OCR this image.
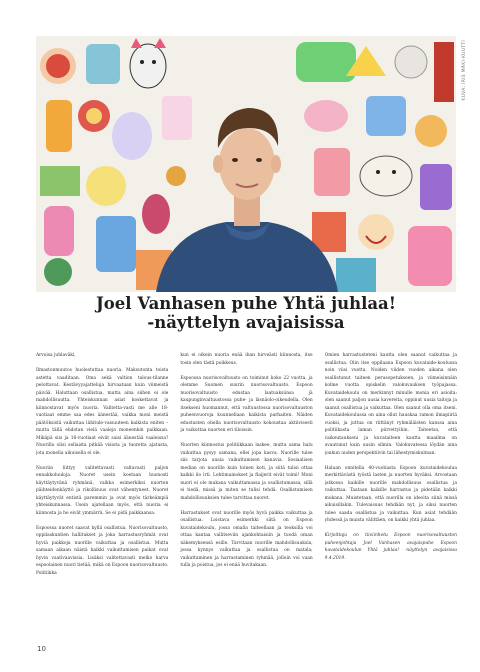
KUVA: IRIS MÄKI-KUUTTI
Joel Vanhasen puhe Yhtä juhlaa!
-näyttelyn avajaisissa

Arvoisa juhlaväki,

Ilmastonmuutos huolestuttaa nuoria. Maksutonta toista astetta vaaditaan. Oma sekä valtion talous-tilanne pelottavat. Kestävyyajatteluja hirvaatuan kuin viimeistä päivää. Haluttaan osallistua, mutta aina siihen ei ole mahdollisuutta. Yhteiskunnan asiat koskettavat ja kiinnostavat myös nuoria. Valitetta-vasti me alle 18-vuotiaat emme saa edes äänestää, vaikka moni meistä päätöksistä vaikuttaa lähitule-vaisuuteen kaikista eniten – mutta tällä ehdotan vielä vaaleja moneenkin paikkaan. Mikäpä siis ja 16-vuotiaat eivät saisi äänestää vaaleissa? Nuorilla olisi sellaista pitkää visiota ja tuoretta ajatusta, jota monella aikuisella ei ole.

Nuoriin liittyy valitettavasti valtavasti paljon ennakkoluuloja. Nuoret usein koetaan huonosti käyttäytyvänä ryhmänä, vaikka esimerkiksi nuorten päihteidenkäyttö ja rikollisuus ovat vähentyneet. Nuoret käyttäytyvät entistä paremmin ja ovat myös tärkeämpiä yhteiskunnassa. Usein ajatellaan myös, että nuoria ei kiinnosta ja he eivät ymmärrä. Se ei pidä paikkaansa.

Espoossa nuoret saavat kyllä osallistua. Nuorisovaltuusto, oppilaskuntien hallitukset ja joka harrastusryhmät ovat hyviä paikkoja nuorille vaikuttaa ja osallistua. Mutta samaan aikaan näistä kaikki vaikuttamisen paikat ovat hyvin vaativaavissia. Lisäksi valitettavasti melko harva espoolainen nuori tietää, mikä on Espoon nuorisovaltuusto. Politiikka

kun ei oikein nuoria enää ihan hirveästi kiinnosta, itse tosin olen tästä poikkeus.

Espoossa nuorisovaltuusto on toiminut koko 22 vuotta, ja olemme Suomen suurin nuorisovaltuusto. Espoon nuorisovaltuusto edustaa laatuaksiinsa jä kaupunginvaltuustossa puhe- ja läsnäolo-oikeudella. Olen itsekseni huomannut, että valtuustossa nuorisovaltuuston puheenvuoroja kuunnellaan kaikista parhaiten. Näiden edustusten ohella nuorisovaltuusto kokoustaa aktiivisesti ja vaikuttaa nuorten eri tiloissin.

Nuorten kiinnostus politiikkaan laskee, mutta sama halu vaikuttaa pysyy samana, ellei jopa kasva. Nuorille tulee siis tarjota uusia vaikuttamisen kanavia. Sosiaalisen median on nuorille kuin toinen koti, ja siitä tulisi ottaa kaikki ilo irti. Lehtimainokset ja flaijerit eivät toimi! Moni nuori ei ole mukana vaikuttamassa ja osallistumassa, sillä ei tiedä, missä ja miten se tulisi tehdä. Osallistumisen mahdollisuuksien tulee tarvittaa nuoret.

Harrastukset ovat nuorille myös hyvä paikka vaikuttaa ja osallistua. Loistava esimerkki siitä on Espoon kuvataidekoulu, jossa omalla taiteellaan ja teoksilla voi ottaa kantaa vallitseviin ajankohtaisiin ja tuodä oman näkemyksensä esille. Tarvitaan nuorille mahdollisuuksia, jossa kynnys vaikuttaa ja osallistua on matala; vaikuttaminen ja harrastaminen ryhmää, jolloin voi vaan tulla ja poistua, jos ei enää huvitakaan.

Omien harrastusteteni kautta olen saanut vaikuttaa ja osallistua. Olin itse oppilaana Espoon kuvataide-koulussa noin viisi vuotta. Noiden viiden vuoden aikana olen osallistunut taiteen perusopetukseen, ja viimeisinnäin kolme vuotta opiskelin valokuvauksen työpajassa. Kuvataidekoulu on merkinnyt minulle monia eri asioita: olen saanut paljon uusia kavereita, oppinut uusia taitoja ja saanut osallistua ja vaikuttaa. Olen saanut olla oma itseni. Kuvataidekoulussa on aina ollut hauskaa ramon ilmapiiriä vuoksi, ja juttua on riittänyt ryhmäläisten kanssa aina politiikasta laman piirrettyihin. Taiteetsa, että vaikeutaukseni ja kuvataiteen kautta maailma on avautunut kuin uusin silmin. Valokuvatessa löydän aina jonkun uuden perspektiivin tai lähestymiskulman.

Haluan onnitella 40-vuotiasta Espoon kuvataidekoulua merkittävästä työstä lasten ja nuorten hyväksi. Arvostaan jatkossa kaikille nuorille mahdollisuus osallistua ja vaikuttaa. Taataan kaikille harrastus ja pidetään kaikki mukana. Muistetaan, että nuorilla on ideoita siinä missä aikuisillakin. Tulevaisuus tehdään nyt, ja siksi nuorten tulee saada osallistua ja vaikuttaa. Kun asiat tehdään yhdessä ja muista välittäen, on kaikki yhtä juhlaa.

Kirjoittaja on tiiviinhetu Espoon nuorisovaltuuston puheenjohtaja Joel Vanhasen avajaispuhe Espoon kuvataidekoulun Yhtä juhlaa! -näyttelyn avajaisissa 9.4.2019.

10
